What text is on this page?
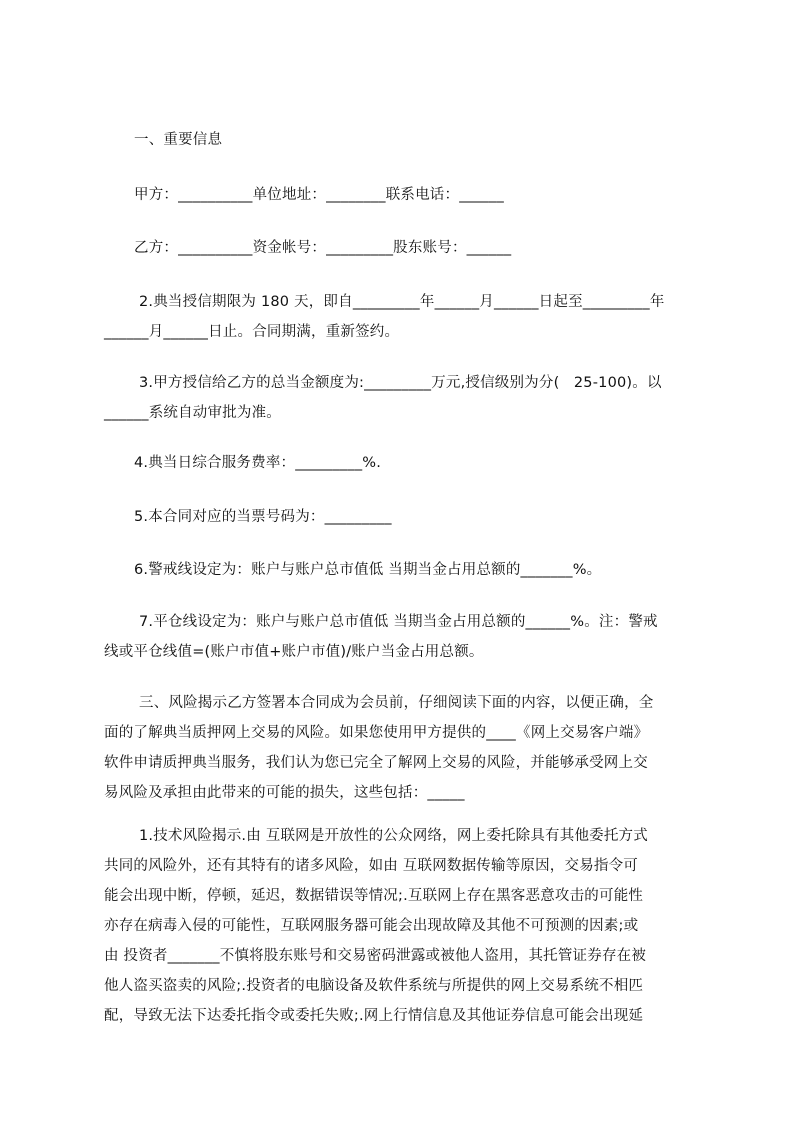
一、重要信息
甲方：__________单位地址：________联系电话：______
乙方：__________资金帐号：_________股东账号：______
2.典当授信期限为 180 天，即自_________年______月______日起至_________年
______月______日止。合同期满，重新签约。
3.甲方授信给乙方的总当金额度为:_________万元,授信级别为分(   25-100)。以
______系统自动审批为准。
4.典当日综合服务费率：_________%.
5.本合同对应的当票号码为：_________
6.警戒线设定为：账户与账户总市值低 当期当金占用总额的_______%。
7.平仓线设定为：账户与账户总市值低 当期当金占用总额的______%。注：警戒
线或平仓线值=(账户市值+账户市值)/账户当金占用总额。
三、风险揭示乙方签署本合同成为会员前，仔细阅读下面的内容，以便正确，全
面的了解典当质押网上交易的风险。如果您使用甲方提供的____《网上交易客户端》
软件申请质押典当服务，我们认为您已完全了解网上交易的风险，并能够承受网上交
易风险及承担由此带来的可能的损失，这些包括：_____
1.技术风险揭示.由 互联网是开放性的公众网络，网上委托除具有其他委托方式
共同的风险外，还有其特有的诸多风险，如由 互联网数据传输等原因，交易指令可
能会出现中断，停顿，延迟，数据错误等情况;.互联网上存在黑客恶意攻击的可能性
亦存在病毒入侵的可能性，互联网服务器可能会出现故障及其他不可预测的因素;或
由 投资者_______不慎将股东账号和交易密码泄露或被他人盗用，其托管证券存在被
他人盗买盗卖的风险;.投资者的电脑设备及软件系统与所提供的网上交易系统不相匹
配，导致无法下达委托指令或委托失败;.网上行情信息及其他证券信息可能会出现延
